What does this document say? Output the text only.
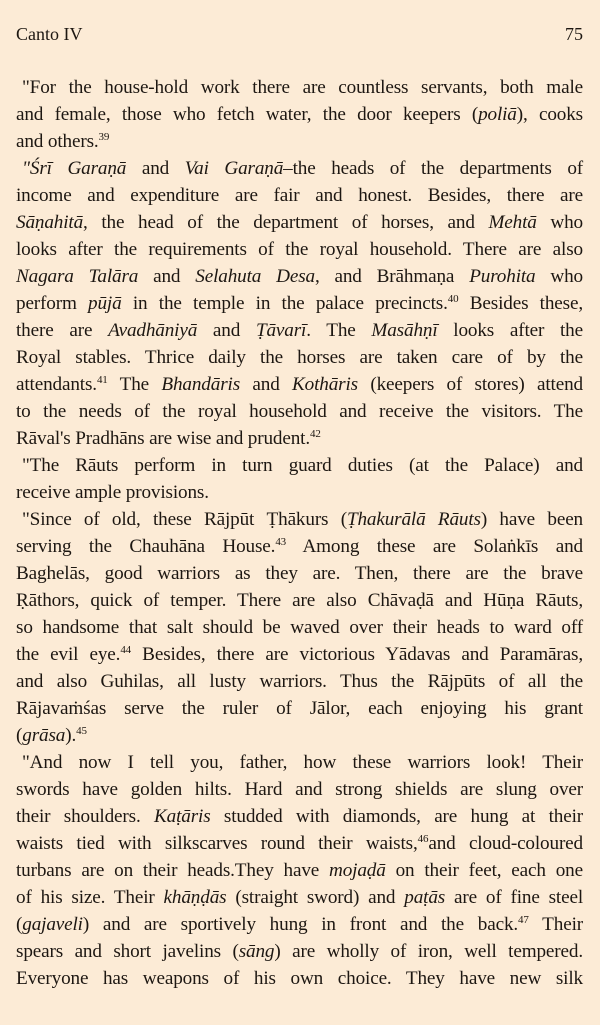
Canto IV	75
"For the house-hold work there are countless servants, both male
and female, those who fetch water, the door keepers (poliā), cooks
and others.$^{39}$
"Śrī Garaṇā and Vai Garaṇā–the heads of the departments of
income and expenditure are fair and honest. Besides, there are
Sāṇahitā, the head of the department of horses, and Mehtā who
looks after the requirements of the royal household. There are also
Nagara Talāra and Selahuta Desa, and Brāhmaṇa Purohita who
perform pūjā in the temple in the palace precincts.$^{40}$ Besides these,
there are Avadhāniyā and Ṭāvarī. The Masāhṇī looks after the
Royal stables. Thrice daily the horses are taken care of by the
attendants.$^{41}$ The Bhandāris and Kothāris (keepers of stores) attend
to the needs of the royal household and receive the visitors. The
Rāval's Pradhāns are wise and prudent.$^{42}$
"The Rāuts perform in turn guard duties (at the Palace) and
receive ample provisions.
"Since of old, these Rājpūt Ṭhākurs (Ṭhakurālā Rāuts) have been
serving the Chauhāna House.$^{43}$ Among these are Solaṅkīs and
Baghelās, good warriors as they are. Then, there are the brave
Ṛāthors, quick of temper. There are also Chāvaḍā and Hūṇa Rāuts,
so handsome that salt should be waved over their heads to ward off
the evil eye.$^{44}$ Besides, there are victorious Yādavas and Paramāras,
and also Guhilas, all lusty warriors. Thus the Rājpūts of all the
Rājavaṁśas serve the ruler of Jālor, each enjoying his grant
(grāsa).$^{45}$
"And now I tell you, father, how these warriors look! Their
swords have golden hilts. Hard and strong shields are slung over
their shoulders. Kaṭāris studded with diamonds, are hung at their
waists tied with silkscarves round their waists,$^{46}$and cloud-coloured
turbans are on their heads.They have mojaḍā on their feet, each one
of his size. Their khāṇḍās (straight sword) and paṭās are of fine steel
(gajaveli) and are sportively hung in front and the back.$^{47}$ Their
spears and short javelins (sāng) are wholly of iron, well tempered.
Everyone has weapons of his own choice. They have new silk
